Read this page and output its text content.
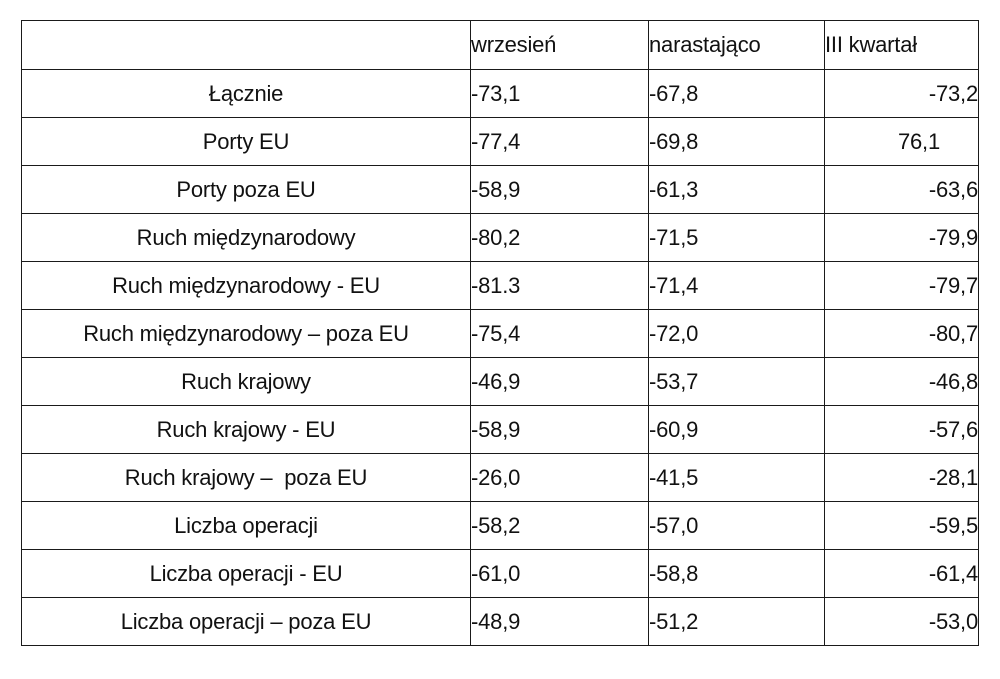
	wrzesień	narastająco	III kwartał
Łącznie	-73,1	-67,8	-73,2
Porty EU	-77,4	-69,8	76,1
Porty poza EU	-58,9	-61,3	-63,6
Ruch międzynarodowy	-80,2	-71,5	-79,9
Ruch międzynarodowy - EU	-81.3	-71,4	-79,7
Ruch międzynarodowy – poza EU	-75,4	-72,0	-80,7
Ruch krajowy	-46,9	-53,7	-46,8
Ruch krajowy - EU	-58,9	-60,9	-57,6
Ruch krajowy –  poza EU	-26,0	-41,5	-28,1
Liczba operacji	-58,2	-57,0	-59,5
Liczba operacji - EU	-61,0	-58,8	-61,4
Liczba operacji – poza EU	-48,9	-51,2	-53,0
